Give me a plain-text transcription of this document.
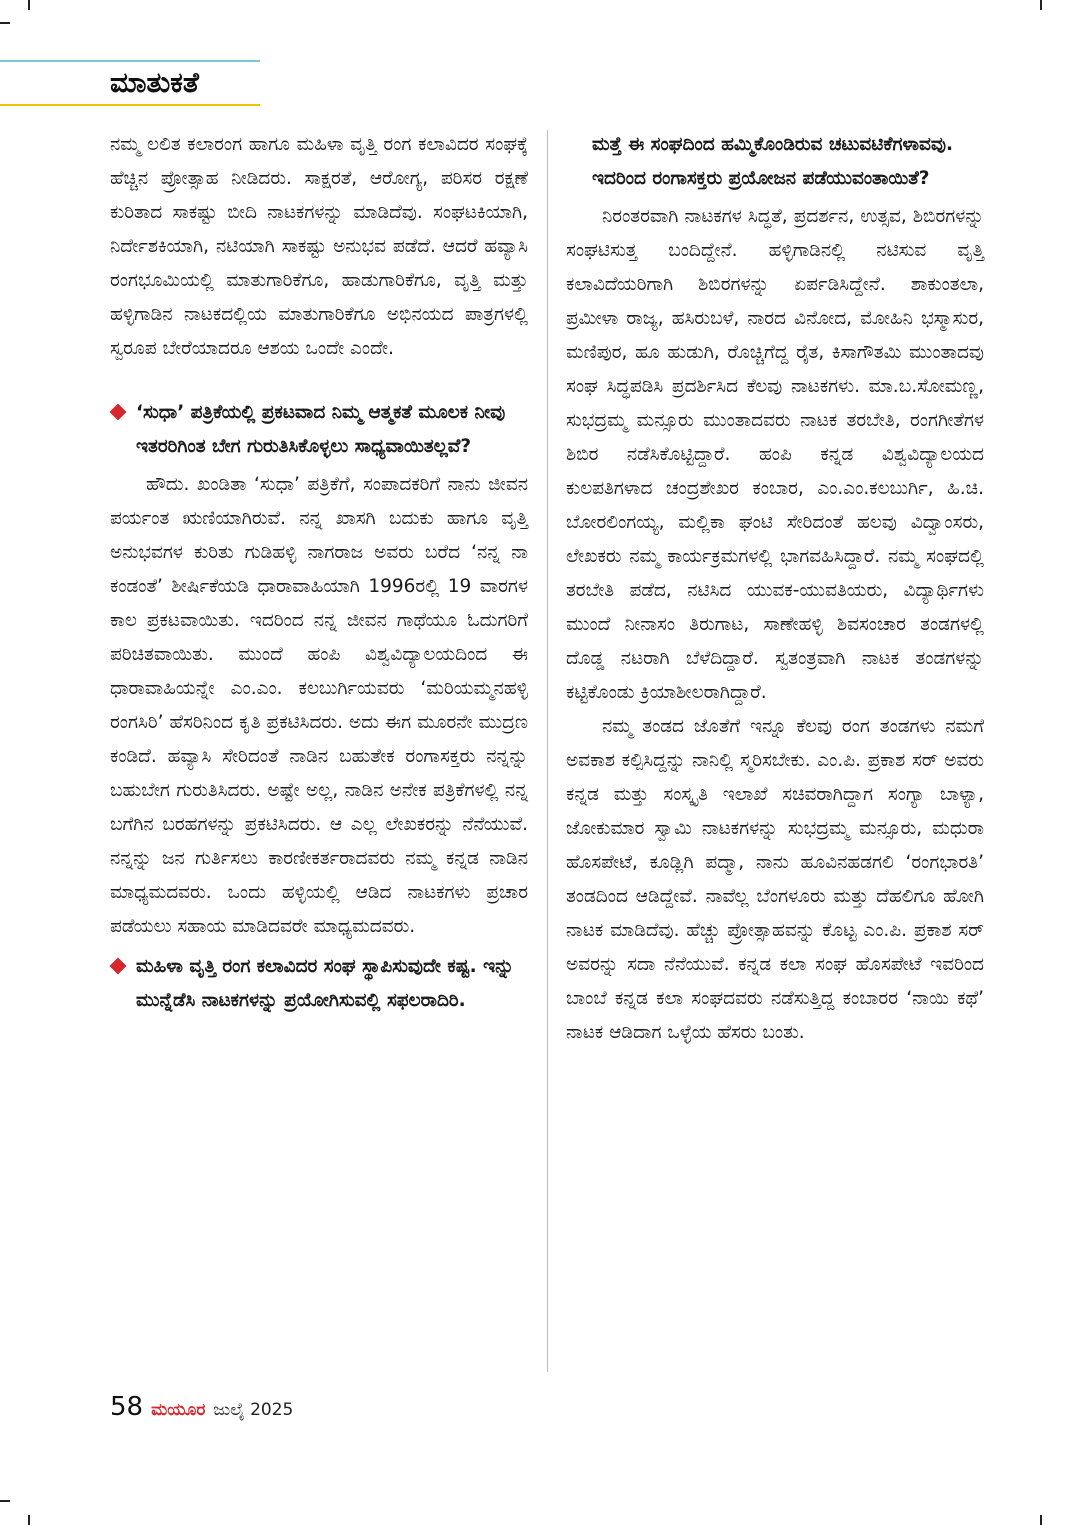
ಮಾತುಕತೆ

ನಮ್ಮ ಲಲಿತ ಕಲಾರಂಗ ಹಾಗೂ ಮಹಿಳಾ ವೃತ್ತಿ ರಂಗ ಕಲಾವಿದರ ಸಂಘಕ್ಕೆ ಹೆಚ್ಚಿನ ಪ್ರೋತ್ಸಾಹ ನೀಡಿದರು. ಸಾಕ್ಷರತೆ, ಆರೋಗ್ಯ, ಪರಿಸರ ರಕ್ಷಣೆ ಕುರಿತಾದ ಸಾಕಷ್ಟು ಬೀದಿ ನಾಟಕಗಳನ್ನು ಮಾಡಿದೆವು. ಸಂಘಟಕಿಯಾಗಿ, ನಿರ್ದೇಶಕಿಯಾಗಿ, ನಟಿಯಾಗಿ ಸಾಕಷ್ಟು ಅನುಭವ ಪಡೆದೆ. ಆದರೆ ಹವ್ಯಾಸಿ ರಂಗಭೂಮಿಯಲ್ಲಿ ಮಾತುಗಾರಿಕೆಗೂ, ಹಾಡುಗಾರಿಕೆಗೂ, ವೃತ್ತಿ ಮತ್ತು ಹಳ್ಳಿಗಾಡಿನ ನಾಟಕದಲ್ಲಿಯ ಮಾತುಗಾರಿಕೆಗೂ ಅಭಿನಯದ ಪಾತ್ರಗಳಲ್ಲಿ ಸ್ವರೂಪ ಬೇರೆಯಾದರೂ ಆಶಯ ಒಂದೇ ಎಂದೇ.

‘ಸುಧಾ’ ಪತ್ರಿಕೆಯಲ್ಲಿ ಪ್ರಕಟವಾದ ನಿಮ್ಮ ಆತ್ಮಕತೆ ಮೂಲಕ ನೀವು ಇತರರಿಗಿಂತ ಬೇಗ ಗುರುತಿಸಿಕೊಳ್ಳಲು ಸಾಧ್ಯವಾಯಿತಲ್ಲವೆ?

ಹೌದು. ಖಂಡಿತಾ ‘ಸುಧಾ’ ಪತ್ರಿಕೆಗೆ, ಸಂಪಾದಕರಿಗೆ ನಾನು ಜೀವನ ಪರ್ಯಂತ ಋಣಿಯಾಗಿರುವೆ. ನನ್ನ ಖಾಸಗಿ ಬದುಕು ಹಾಗೂ ವೃತ್ತಿ ಅನುಭವಗಳ ಕುರಿತು ಗುಡಿಹಳ್ಳಿ ನಾಗರಾಜ ಅವರು ಬರೆದ ‘ನನ್ನ ನಾ ಕಂಡಂತೆ’ ಶೀರ್ಷಿಕೆಯಡಿ ಧಾರಾವಾಹಿಯಾಗಿ 1996ರಲ್ಲಿ 19 ವಾರಗಳ ಕಾಲ ಪ್ರಕಟವಾಯಿತು. ಇದರಿಂದ ನನ್ನ ಜೀವನ ಗಾಥೆಯೂ ಓದುಗರಿಗೆ ಪರಿಚಿತವಾಯಿತು. ಮುಂದೆ ಹಂಪಿ ವಿಶ್ವವಿದ್ಯಾಲಯದಿಂದ ಈ ಧಾರಾವಾಹಿಯನ್ನೇ ಎಂ.ಎಂ. ಕಲಬುರ್ಗಿಯವರು ‘ಮರಿಯಮ್ಮನಹಳ್ಳಿ ರಂಗಸಿರಿ’ ಹೆಸರಿನಿಂದ ಕೃತಿ ಪ್ರಕಟಿಸಿದರು. ಅದು ಈಗ ಮೂರನೇ ಮುದ್ರಣ ಕಂಡಿದೆ. ಹವ್ಯಾಸಿ ಸೇರಿದಂತೆ ನಾಡಿನ ಬಹುತೇಕ ರಂಗಾಸಕ್ತರು ನನ್ನನ್ನು ಬಹುಬೇಗ ಗುರುತಿಸಿದರು. ಅಷ್ಟೇ ಅಲ್ಲ, ನಾಡಿನ ಅನೇಕ ಪತ್ರಿಕೆಗಳಲ್ಲಿ ನನ್ನ ಬಗೆಗಿನ ಬರಹಗಳನ್ನು ಪ್ರಕಟಿಸಿದರು. ಆ ಎಲ್ಲ ಲೇಖಕರನ್ನು ನೆನೆಯುವೆ. ನನ್ನನ್ನು ಜನ ಗುರ್ತಿಸಲು ಕಾರಣೀಕರ್ತರಾದವರು ನಮ್ಮ ಕನ್ನಡ ನಾಡಿನ ಮಾಧ್ಯಮದವರು. ಒಂದು ಹಳ್ಳಿಯಲ್ಲಿ ಆಡಿದ ನಾಟಕಗಳು ಪ್ರಚಾರ ಪಡೆಯಲು ಸಹಾಯ ಮಾಡಿದವರೇ ಮಾಧ್ಯಮದವರು.

ಮಹಿಳಾ ವೃತ್ತಿ ರಂಗ ಕಲಾವಿದರ ಸಂಘ ಸ್ಥಾಪಿಸುವುದೇ ಕಷ್ಟ. ಇನ್ನು ಮುನ್ನೆಡೆಸಿ ನಾಟಕಗಳನ್ನು ಪ್ರಯೋಗಿಸುವಲ್ಲಿ ಸಫಲರಾದಿರಿ.
ಮತ್ತೆ ಈ ಸಂಘದಿಂದ ಹಮ್ಮಿಕೊಂಡಿರುವ ಚಟುವಟಿಕೆಗಳಾವವು. ಇದರಿಂದ ರಂಗಾಸಕ್ತರು ಪ್ರಯೋಜನ ಪಡೆಯುವಂತಾಯಿತೆ?

ನಿರಂತರವಾಗಿ ನಾಟಕಗಳ ಸಿದ್ಧತೆ, ಪ್ರದರ್ಶನ, ಉತ್ಸವ, ಶಿಬಿರಗಳನ್ನು ಸಂಘಟಿಸುತ್ತ ಬಂದಿದ್ದೇನೆ. ಹಳ್ಳಿಗಾಡಿನಲ್ಲಿ ನಟಿಸುವ ವೃತ್ತಿ ಕಲಾವಿದೆಯರಿಗಾಗಿ ಶಿಬಿರಗಳನ್ನು ಏರ್ಪಡಿಸಿದ್ದೇನೆ. ಶಾಕುಂತಲಾ, ಪ್ರಮೀಳಾ ರಾಜ್ಯ, ಹಸಿರುಬಳೆ, ನಾರದ ವಿನೋದ, ಮೋಹಿನಿ ಭಸ್ಮಾಸುರ, ಮಣಿಪುರ, ಹೂ ಹುಡುಗಿ, ರೊಚ್ಚಿಗೆದ್ದ ರೈತ, ಕಿಸಾಗೌತಮಿ ಮುಂತಾದವು ಸಂಘ ಸಿದ್ಧಪಡಿಸಿ ಪ್ರದರ್ಶಿಸಿದ ಕೆಲವು ನಾಟಕಗಳು. ಮಾ.ಬ.ಸೋಮಣ್ಣ, ಸುಭದ್ರಮ್ಮ ಮನ್ಸೂರು ಮುಂತಾದವರು ನಾಟಕ ತರಬೇತಿ, ರಂಗಗೀತೆಗಳ ಶಿಬಿರ ನಡೆಸಿಕೊಟ್ಟಿದ್ದಾರೆ. ಹಂಪಿ ಕನ್ನಡ ವಿಶ್ವವಿದ್ಯಾಲಯದ ಕುಲಪತಿಗಳಾದ ಚಂದ್ರಶೇಖರ ಕಂಬಾರ, ಎಂ.ಎಂ.ಕಲಬುರ್ಗಿ, ಹಿ.ಚಿ. ಬೋರಲಿಂಗಯ್ಯ, ಮಲ್ಲಿಕಾ ಘಂಟಿ ಸೇರಿದಂತೆ ಹಲವು ವಿದ್ವಾಂಸರು, ಲೇಖಕರು ನಮ್ಮ ಕಾರ್ಯಕ್ರಮಗಳಲ್ಲಿ ಭಾಗವಹಿಸಿದ್ದಾರೆ. ನಮ್ಮ ಸಂಘದಲ್ಲಿ ತರಬೇತಿ ಪಡೆದ, ನಟಿಸಿದ ಯುವಕ-ಯುವತಿಯರು, ವಿದ್ಯಾರ್ಥಿಗಳು ಮುಂದೆ ನೀನಾಸಂ ತಿರುಗಾಟ, ಸಾಣೇಹಳ್ಳಿ ಶಿವಸಂಚಾರ ತಂಡಗಳಲ್ಲಿ ದೊಡ್ಡ ನಟರಾಗಿ ಬೆಳೆದಿದ್ದಾರೆ. ಸ್ವತಂತ್ರವಾಗಿ ನಾಟಕ ತಂಡಗಳನ್ನು ಕಟ್ಟಿಕೊಂಡು ಕ್ರಿಯಾಶೀಲರಾಗಿದ್ದಾರೆ.

ನಮ್ಮ ತಂಡದ ಜೊತೆಗೆ ಇನ್ನೂ ಕೆಲವು ರಂಗ ತಂಡಗಳು ನಮಗೆ ಅವಕಾಶ ಕಲ್ಪಿಸಿದ್ದನ್ನು ನಾನಿಲ್ಲಿ ಸ್ಮರಿಸಬೇಕು. ಎಂ.ಪಿ. ಪ್ರಕಾಶ ಸರ್ ಅವರು ಕನ್ನಡ ಮತ್ತು ಸಂಸ್ಕೃತಿ ಇಲಾಖೆ ಸಚಿವರಾಗಿದ್ದಾಗ ಸಂಗ್ಯಾ ಬಾಳ್ಯಾ, ಜೋಕುಮಾರ ಸ್ವಾಮಿ ನಾಟಕಗಳನ್ನು ಸುಭದ್ರಮ್ಮ ಮನ್ಸೂರು, ಮಧುರಾ ಹೊಸಪೇಟೆ, ಕೂಡ್ಲಿಗಿ ಪದ್ಮಾ, ನಾನು ಹೂವಿನಹಡಗಲಿ ‘ರಂಗಭಾರತಿ’ ತಂಡದಿಂದ ಆಡಿದ್ದೇವೆ. ನಾವೆಲ್ಲ ಬೆಂಗಳೂರು ಮತ್ತು ದೆಹಲಿಗೂ ಹೋಗಿ ನಾಟಕ ಮಾಡಿದೆವು. ಹೆಚ್ಚು ಪ್ರೋತ್ಸಾಹವನ್ನು ಕೊಟ್ಟ ಎಂ.ಪಿ. ಪ್ರಕಾಶ ಸರ್ ಅವರನ್ನು ಸದಾ ನೆನೆಯುವೆ. ಕನ್ನಡ ಕಲಾ ಸಂಘ ಹೊಸಪೇಟೆ ಇವರಿಂದ ಬಾಂಬೆ ಕನ್ನಡ ಕಲಾ ಸಂಘದವರು ನಡೆಸುತ್ತಿದ್ದ ಕಂಬಾರರ ‘ನಾಯಿ ಕಥೆ’ ನಾಟಕ ಆಡಿದಾಗ ಒಳ್ಳೆಯ ಹೆಸರು ಬಂತು.

58 ಮಯೂರ ಜುಲೈ 2025
